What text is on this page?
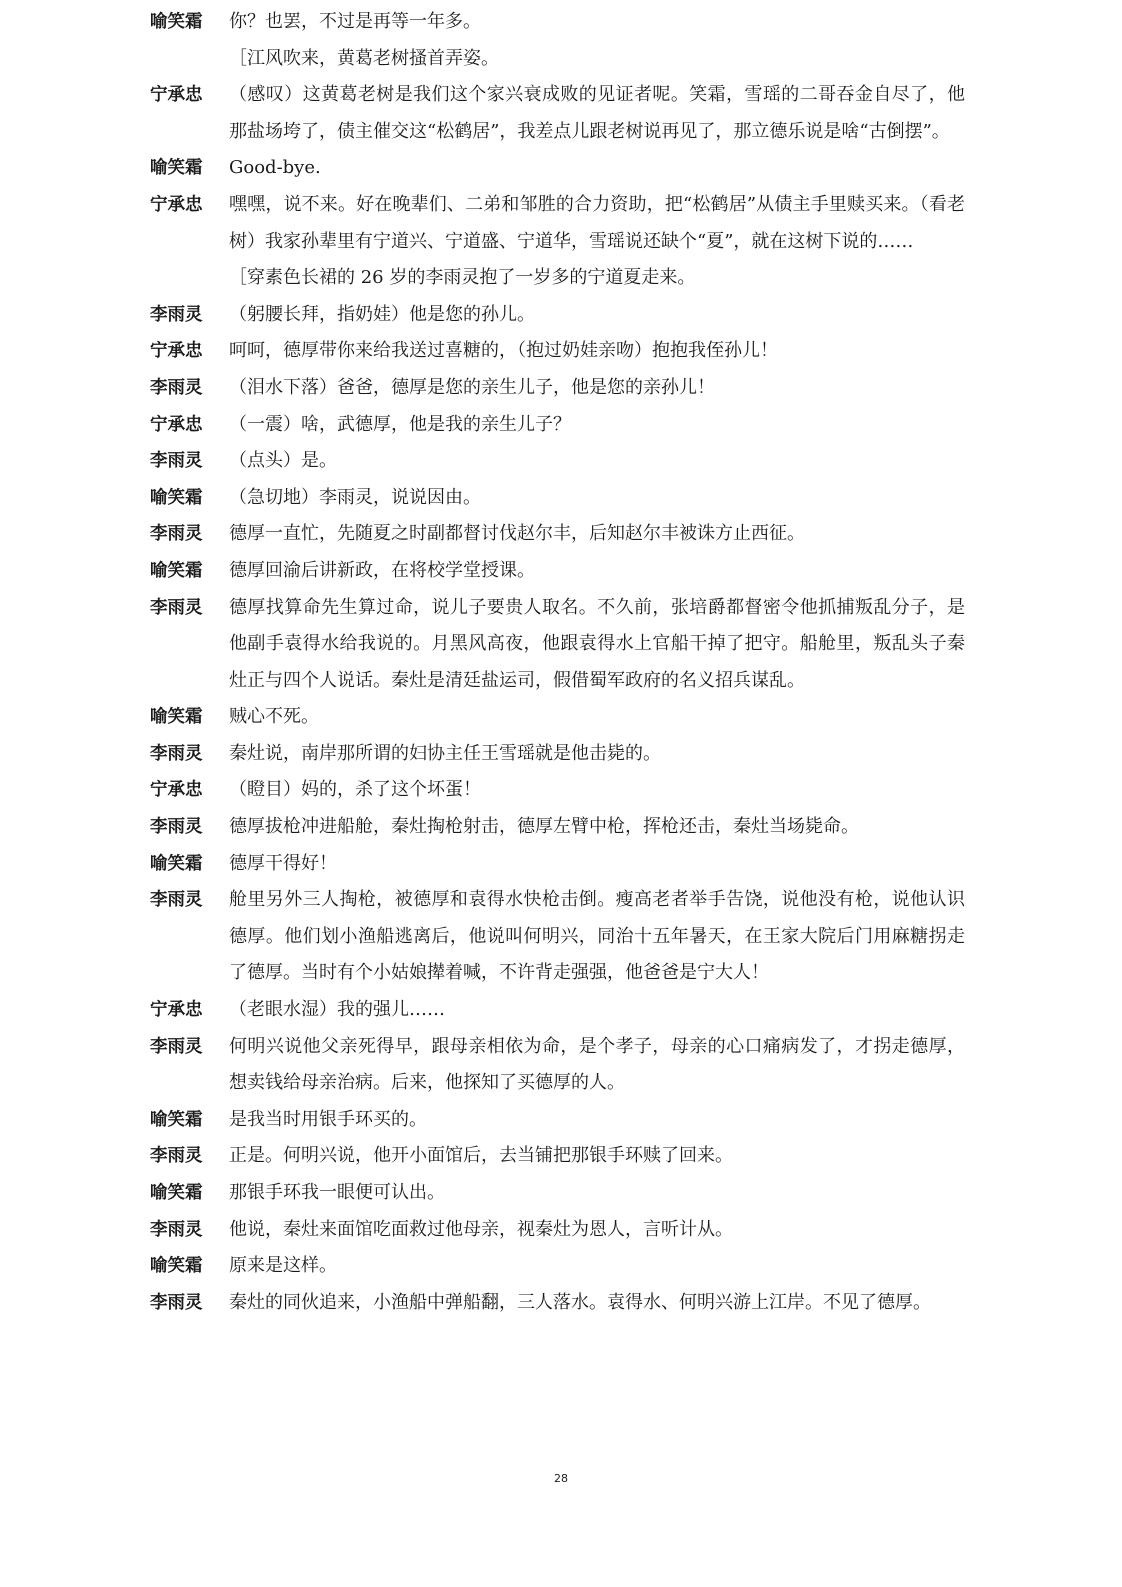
喻笑霜	你？也罢，不过是再等一年多。
［江风吹来，黄葛老树搔首弄姿。
宁承忠	（感叹）这黄葛老树是我们这个家兴衰成败的见证者呢。笑霜，雪瑶的二哥吞金自尽了，他那盐场垮了，债主催交这“松鹤居”，我差点儿跟老树说再见了，那立德乐说是啥“古倒摆”。
喻笑霜	Good-bye.
宁承忠	嘿嘿，说不来。好在晚辈们、二弟和邹胜的合力资助，把“松鹤居”从债主手里赎买来。（看老树）我家孙辈里有宁道兴、宁道盛、宁道华，雪瑶说还缺个“夏”，就在这树下说的……
［穿素色长裙的 26 岁的李雨灵抱了一岁多的宁道夏走来。
李雨灵	（躬腰长拜，指奶娃）他是您的孙儿。
宁承忠	呵呵，德厚带你来给我送过喜糖的，（抱过奶娃亲吻）抱抱我侄孙儿！
李雨灵	（泪水下落）爸爸，德厚是您的亲生儿子，他是您的亲孙儿！
宁承忠	（一震）啥，武德厚，他是我的亲生儿子？
李雨灵	（点头）是。
喻笑霜	（急切地）李雨灵，说说因由。
李雨灵	德厚一直忙，先随夏之时副都督讨伐赵尔丰，后知赵尔丰被诛方止西征。
喻笑霜	德厚回渝后讲新政，在将校学堂授课。
李雨灵	德厚找算命先生算过命，说儿子要贵人取名。不久前，张培爵都督密令他抓捕叛乱分子，是他副手袁得水给我说的。月黑风高夜，他跟袁得水上官船干掉了把守。船舱里，叛乱头子秦灶正与四个人说话。秦灶是清廷盐运司，假借蜀军政府的名义招兵谋乱。
喻笑霜	贼心不死。
李雨灵	秦灶说，南岸那所谓的妇协主任王雪瑶就是他击毙的。
宁承忠	（瞪目）妈的，杀了这个坏蛋！
李雨灵	德厚拔枪冲进船舱，秦灶掏枪射击，德厚左臂中枪，挥枪还击，秦灶当场毙命。
喻笑霜	德厚干得好！
李雨灵	舱里另外三人掏枪，被德厚和袁得水快枪击倒。瘦高老者举手告饶，说他没有枪，说他认识德厚。他们划小渔船逃离后，他说叫何明兴，同治十五年暑天，在王家大院后门用麻糖拐走了德厚。当时有个小姑娘撵着喊，不许背走强强，他爸爸是宁大人！
宁承忠	（老眼水湿）我的强儿……
李雨灵	何明兴说他父亲死得早，跟母亲相依为命，是个孝子，母亲的心口痛病发了，才拐走德厚，想卖钱给母亲治病。后来，他探知了买德厚的人。
喻笑霜	是我当时用银手环买的。
李雨灵	正是。何明兴说，他开小面馆后，去当铺把那银手环赎了回来。
喻笑霜	那银手环我一眼便可认出。
李雨灵	他说，秦灶来面馆吃面救过他母亲，视秦灶为恩人，言听计从。
喻笑霜	原来是这样。
李雨灵	秦灶的同伙追来，小渔船中弹船翻，三人落水。袁得水、何明兴游上江岸。不见了德厚。
28
